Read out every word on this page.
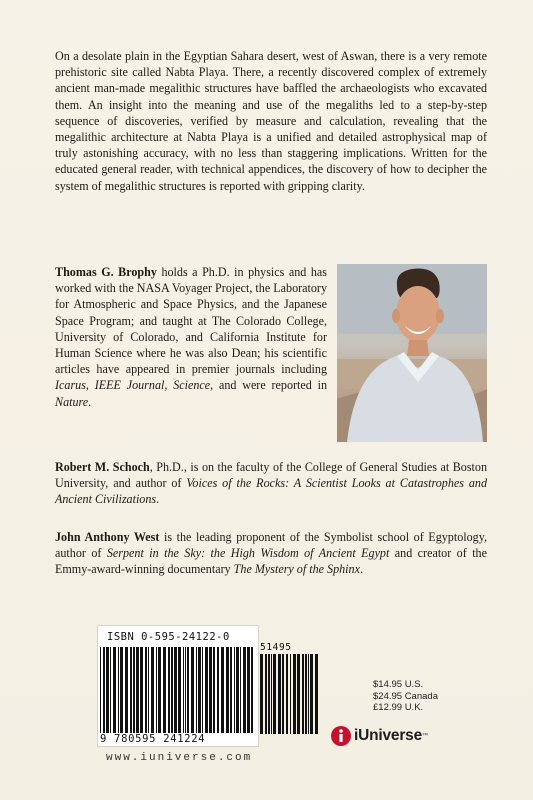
On a desolate plain in the Egyptian Sahara desert, west of Aswan, there is a very remote prehistoric site called Nabta Playa. There, a recently discovered complex of extremely ancient man-made megalithic structures have baffled the archaeologists who excavated them. An insight into the meaning and use of the megaliths led to a step-by-step sequence of discoveries, verified by measure and calculation, revealing that the megalithic architecture at Nabta Playa is a unified and detailed astrophysical map of truly astonishing accuracy, with no less than staggering implications. Written for the educated general reader, with technical appendices, the discovery of how to decipher the system of megalithic structures is reported with gripping clarity.

Thomas G. Brophy holds a Ph.D. in physics and has worked with the NASA Voyager Project, the Laboratory for Atmospheric and Space Physics, and the Japanese Space Program; and taught at The Colorado College, University of Colorado, and California Institute for Human Science where he was also Dean; his scientific articles have appeared in premier journals including Icarus, IEEE Journal, Science, and were reported in Nature.

Robert M. Schoch, Ph.D., is on the faculty of the College of General Studies at Boston University, and author of Voices of the Rocks: A Scientist Looks at Catastrophes and Ancient Civilizations.

John Anthony West is the leading proponent of the Symbolist school of Egyptology, author of Serpent in the Sky: the High Wisdom of Ancient Egypt and creator of the Emmy-award-winning documentary The Mystery of the Sphinx.

ISBN 0-595-24122-0
51495
9 780595 241224
$14.95 U.S.
$24.95 Canada
£12.99 U.K.
iUniverse ™
www.iuniverse.com
